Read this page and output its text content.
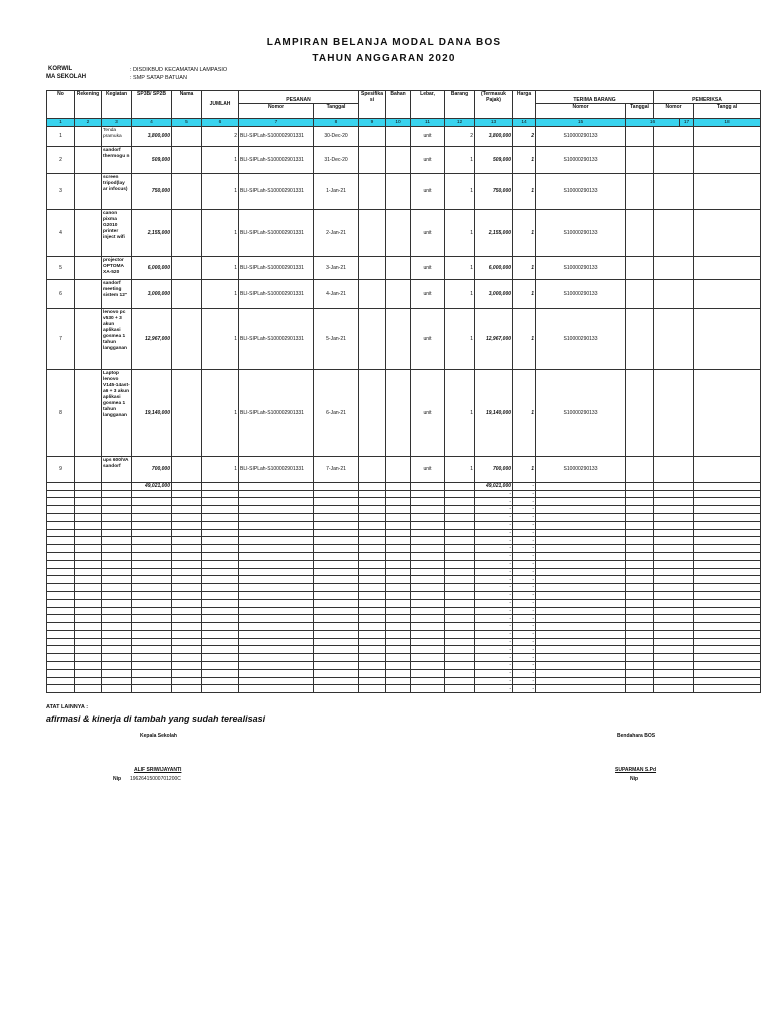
LAMPIRAN BELANJA MODAL DANA BOS
TAHUN ANGGARAN 2020
KORWIL	: DISDIKBUD KECAMATAN LAMPASIO
MA SEKOLAH	: SMP SATAP BATUAN
No	Rekening	Kegiatan	SP3B/ SP2B	Nama	JUMLAH	PESANAN		Spesifika si	Bahan	Lebar,	Barang	(Termasuk Pajak)	Harga	TERIMA BARANG		PEMERIKSA	
						Nomor	Tanggal							Nomor	Tanggal	Nomor		Tangg al	
1	2	3	4	5	6	7	8	9	10	11	12	13	14	15	16		17	18	
1		Tenda pramuka	3,800,000		2	BLI-SIPLah-S100002901331	30-Dec-20			unit	2	3,800,000	2	S10000290133				
2		sandorf thermogu n	509,000		1	BLI-SIPLah-S100002901331	31-Dec-20			unit	1	509,000	1	S10000290133				
3		screen tripod(lay ar infocus)	750,000		1	BLI-SIPLah-S100002901331	1-Jan-21			unit	1	750,000	1	S10000290133				
4		canon pixma G2010 printer inject wifi	2,155,000		1	BLI-SIPLah-S100002901331	2-Jan-21			unit	1	2,155,000	1	S10000290133				
5		projector OPTOMA XA-520	6,000,000		1	BLI-SIPLah-S100002901331	3-Jan-21			unit	1	6,000,000	1	S10000290133				
6		sandorf meeting sistem 12"	3,000,000		1	BLI-SIPLah-S100002901331	4-Jan-21			unit	1	3,000,000	1	S10000290133				
7		lenovo pc v530 + 3 akun aplikasi gosmea 1 tahun langganan	12,967,000		1	BLI-SIPLah-S100002901331	5-Jan-21			unit	1	12,967,000	1	S10000290133				
8		Laptop lenovo V145-14ast-a6 + 3 akun aplikasi gosmea 1 tahun langganan	19,140,000		1	BLI-SIPLah-S100002901331	6-Jan-21			unit	1	19,140,000	1	S10000290133				
9		ups 600/VA sandorf	700,000		1	BLI-SIPLah-S100002901331	7-Jan-21			unit	1	700,000	1	S10000290133				
			49,021,000									49,021,000	-						
												-	-						
												-	-						
												-	-						
												-	-						
												-	-						
												-	-						
												-	-						
												-	-						
												-	-						
												-	-						
												-	-						
												-	-						
												-	-						
												-	-						
												-	-						
												-	-						
												-	-						
												-	-						
												-	-						
												-	-						
												-	-						
												-	-						
												-	-						
												-	-						
												-	-						
												-	-						
ATAT LAINNYA :
afirmasi & kinerja di tambah yang sudah terealisasi
Kepala Sekolah
ALIF SRIWIJAYANTI
Nip 19626415000701200C
Bendahara BOS
SUPARMAN S.Pd
Nip
